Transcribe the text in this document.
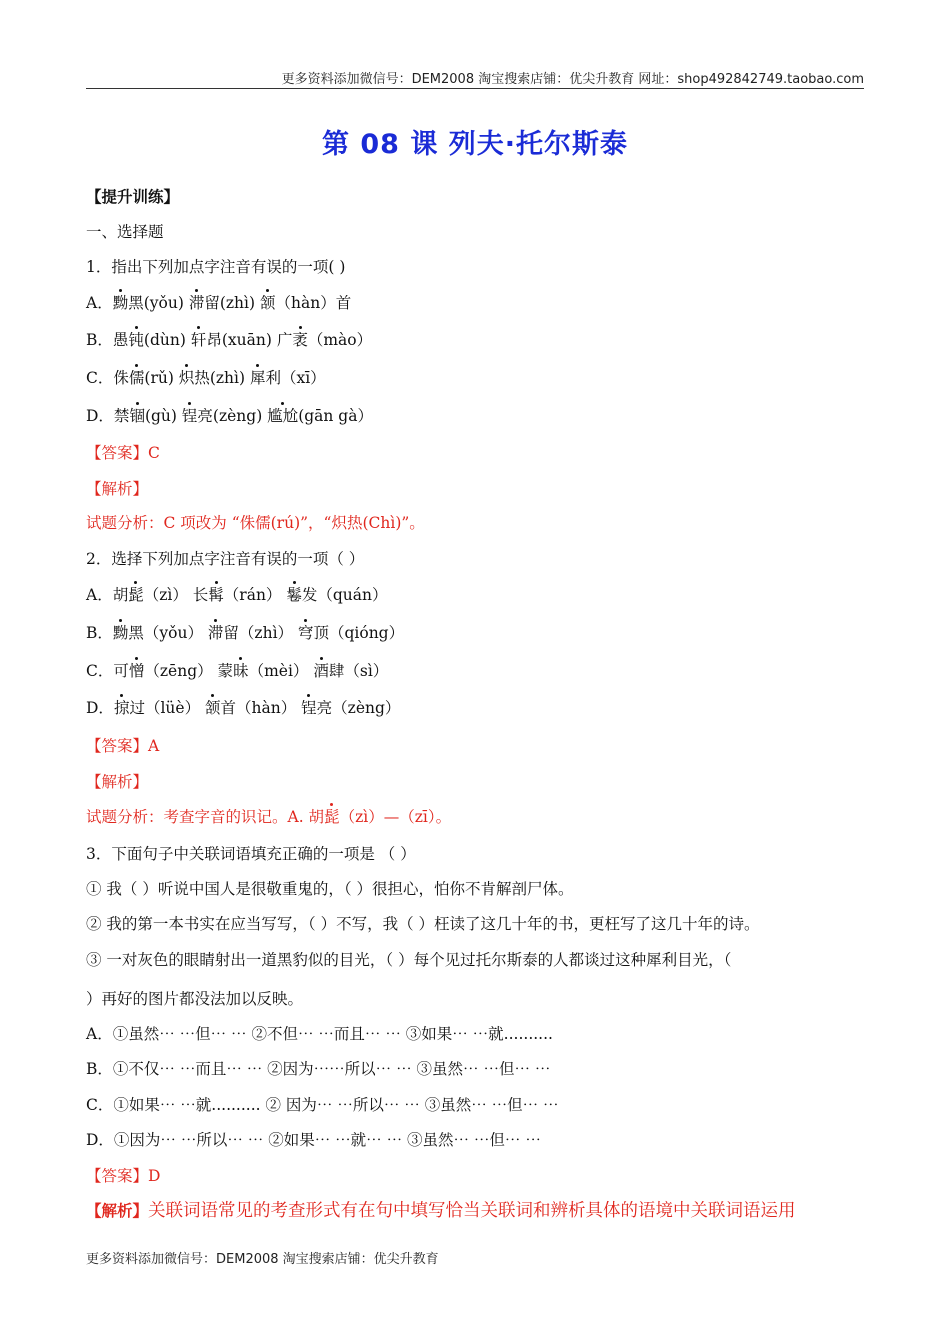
更多资料添加微信号：DEM2008 淘宝搜索店铺：优尖升教育 网址：shop492842749.taobao.com
第 08 课 列夫·托尔斯泰
【提升训练】
一、选择题
1．指出下列加点字注音有误的一项( )
A．黝黑(yǒu) 滞留(zhì) 颔（hàn）首
B．愚钝(dùn) 轩昂(xuān) 广袤（mào）
C．侏儒(rǔ) 炽热(zhì) 犀利（xī）
D．禁锢(gù) 锃亮(zèng) 尴尬(gān gà）
【答案】C
【解析】
试题分析：C 项改为 “侏儒(rú)”，“炽热(Chì)”。
2．选择下列加点字注音有误的一项（ ）
A．胡髭（zì） 长髯（rán） 鬈发（quán）
B．黝黑（yǒu） 滞留（zhì） 穹顶（qióng）
C．可憎（zēng） 蒙昧（mèi） 酒肆（sì）
D．掠过（lüè） 颔首（hàn） 锃亮（zèng）
【答案】A
【解析】
试题分析：考查字音的识记。A. 胡髭（zì）—（zī）。
3．下面句子中关联词语填充正确的一项是 （ ）
① 我（ ）听说中国人是很敬重鬼的，（ ）很担心，怕你不肯解剖尸体。
② 我的第一本书实在应当写写，（ ）不写，我（ ）枉读了这几十年的书，更枉写了这几十年的诗。
③ 一对灰色的眼睛射出一道黑豹似的目光，（ ）每个见过托尔斯泰的人都谈过这种犀利目光，（
）再好的图片都没法加以反映。
A．①虽然⋯ ⋯但⋯ ⋯ ②不但⋯ ⋯而且⋯ ⋯ ③如果⋯ ⋯就..........
B．①不仅⋯ ⋯而且⋯ ⋯ ②因为⋯⋯所以⋯ ⋯ ③虽然⋯ ⋯但⋯ ⋯
C．①如果⋯ ⋯就.......... ② 因为⋯ ⋯所以⋯ ⋯ ③虽然⋯ ⋯但⋯ ⋯
D．①因为⋯ ⋯所以⋯ ⋯ ②如果⋯ ⋯就⋯ ⋯ ③虽然⋯ ⋯但⋯ ⋯
【答案】D
【解析】关联词语常见的考查形式有在句中填写恰当关联词和辨析具体的语境中关联词语运用
更多资料添加微信号：DEM2008 淘宝搜索店铺：优尖升教育
